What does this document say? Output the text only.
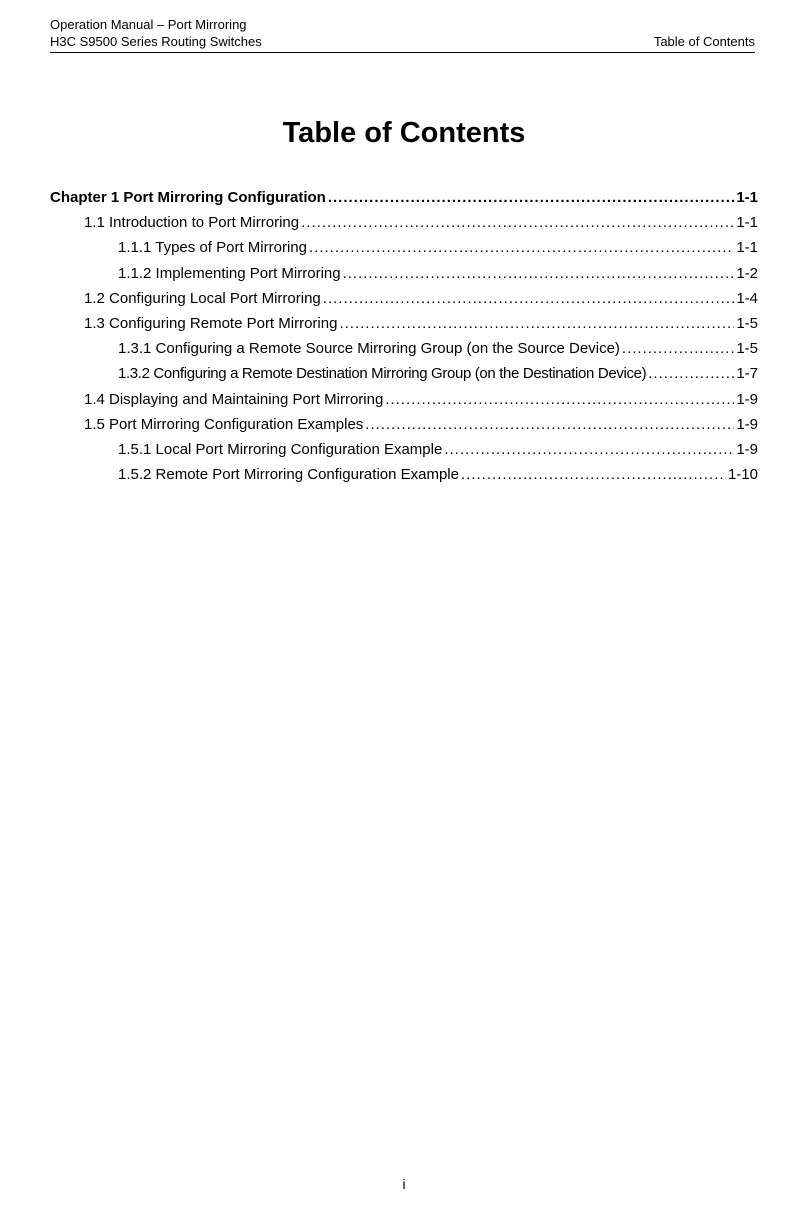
Operation Manual – Port Mirroring
H3C S9500 Series Routing Switches	Table of Contents
Table of Contents
Chapter 1 Port Mirroring Configuration .....	1-1
1.1 Introduction to Port Mirroring .....	1-1
1.1.1 Types of Port Mirroring .....	1-1
1.1.2 Implementing Port Mirroring .....	1-2
1.2 Configuring Local Port Mirroring .....	1-4
1.3 Configuring Remote Port Mirroring .....	1-5
1.3.1 Configuring a Remote Source Mirroring Group (on the Source Device) .....	1-5
1.3.2 Configuring a Remote Destination Mirroring Group (on the Destination Device) .....	1-7
1.4 Displaying and Maintaining Port Mirroring .....	1-9
1.5 Port Mirroring Configuration Examples .....	1-9
1.5.1 Local Port Mirroring Configuration Example .....	1-9
1.5.2 Remote Port Mirroring Configuration Example .....	1-10
i
